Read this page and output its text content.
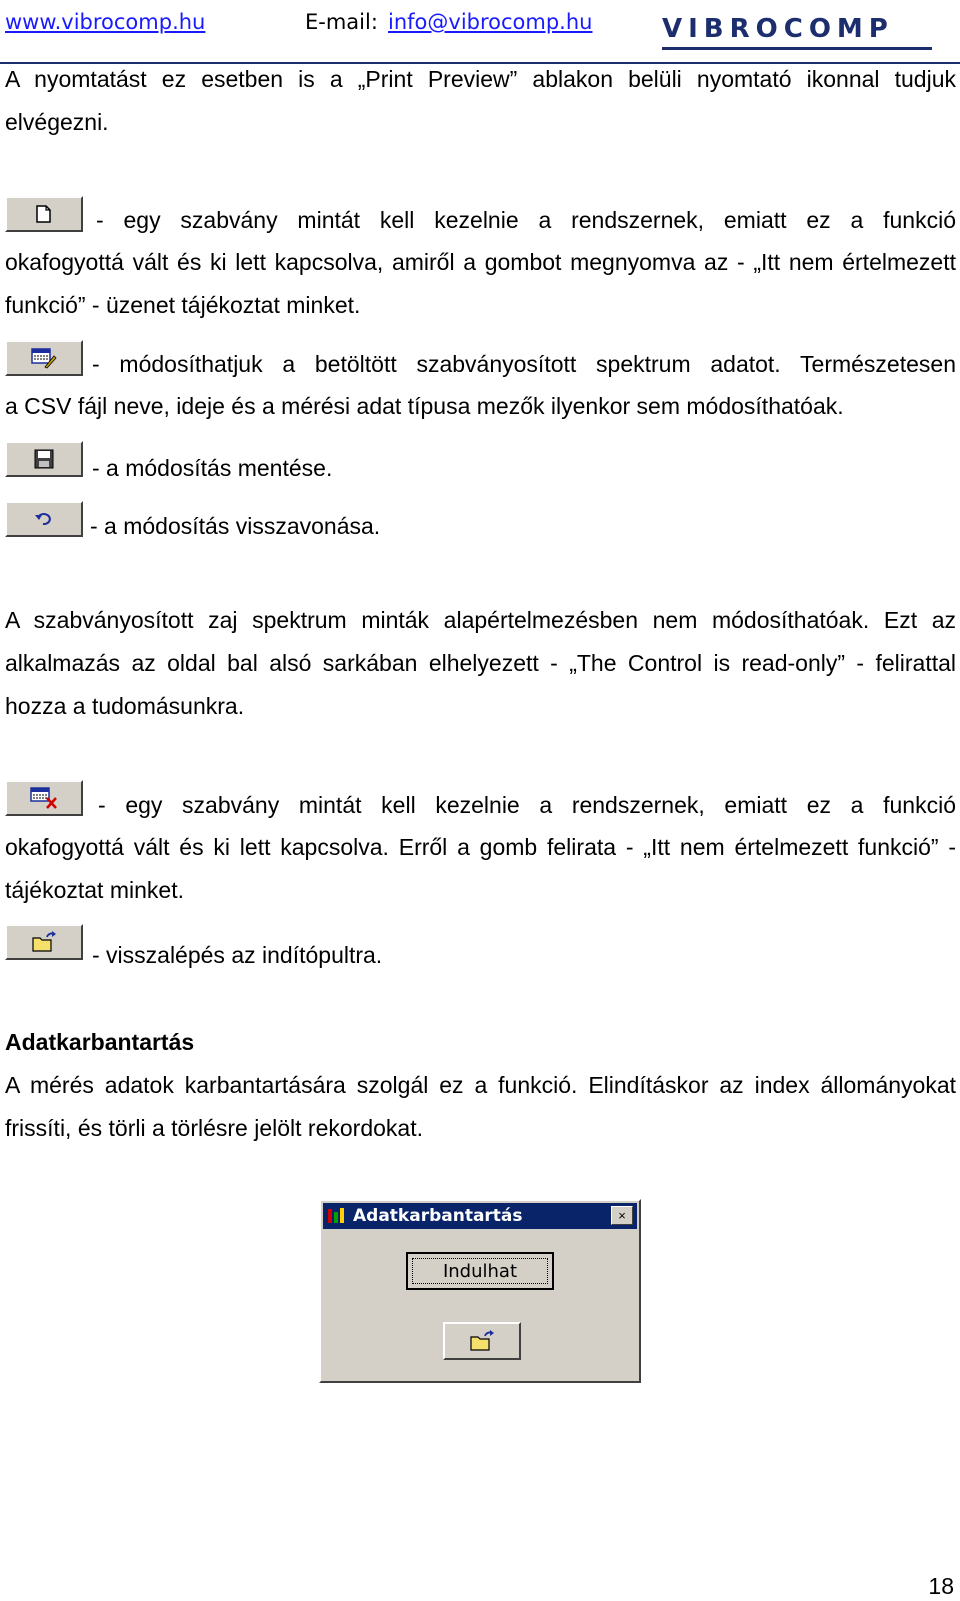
www.vibrocomp.hu	E-mail: info@vibrocomp.hu	VIBROCOMP
A nyomtatást ez esetben is a „Print Preview” ablakon belüli nyomtató ikonnal tudjuk elvégezni.
- egy szabvány mintát kell kezelnie a rendszernek, emiatt ez a funkció
okafogyottá vált és ki lett kapcsolva, amiről a gombot megnyomva az - „Itt nem értelmezett funkció” - üzenet tájékoztat minket.
- módosíthatjuk a betöltött szabványosított spektrum adatot. Természetesen
a CSV fájl neve, ideje és a mérési adat típusa mezők ilyenkor sem módosíthatóak.
- a módosítás mentése.
- a módosítás visszavonása.
A szabványosított zaj spektrum minták alapértelmezésben nem módosíthatóak. Ezt az alkalmazás az oldal bal alsó sarkában elhelyezett - „The Control is read-only” - felirattal hozza a tudomásunkra.
- egy szabvány mintát kell kezelnie a rendszernek, emiatt ez a funkció
okafogyottá vált és ki lett kapcsolva. Erről a gomb felirata - „Itt nem értelmezett funkció” - tájékoztat minket.
- visszalépés az indítópultra.
Adatkarbantartás
A mérés adatok karbantartására szolgál ez a funkció. Elindításkor az index állományokat frissíti, és törli a törlésre jelölt rekordokat.
Adatkarbantartás	×
Indulhat
18
